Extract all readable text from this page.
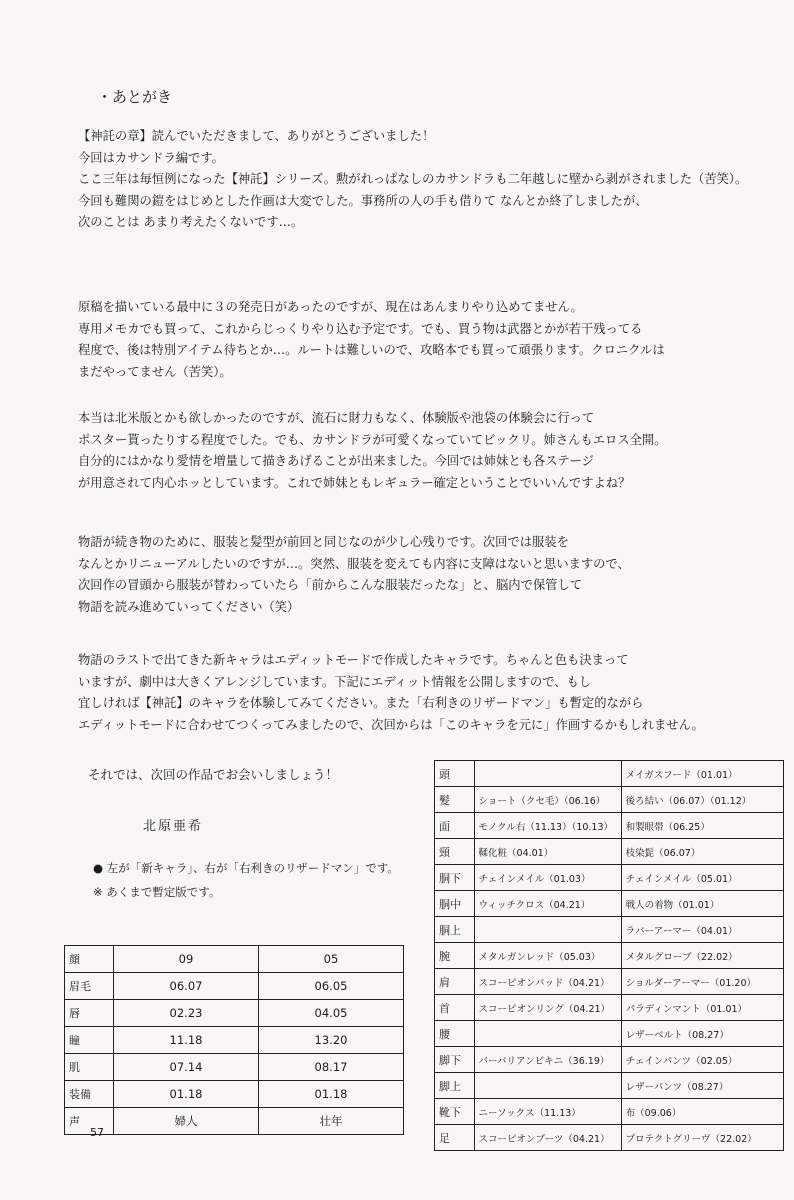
・あとがき
【神託の章】読んでいただきまして、ありがとうございました！
今回はカサンドラ編です。
ここ三年は毎恒例になった【神託】シリーズ。勲がれっぱなしのカサンドラも二年越しに壁から剥がされました（苦笑）。
今回も難関の鎧をはじめとした作画は大変でした。事務所の人の手も借りて なんとか終了しましたが、
次のことは あまり考えたくないです…。
原稿を描いている最中に３の発売日があったのですが、現在はあんまりやり込めてません。
専用メモカでも買って、これからじっくりやり込む予定です。でも、買う物は武器とかが若干残ってる
程度で、後は特別アイテム待ちとか…。ルートは難しいので、攻略本でも買って頑張ります。クロニクルは
まだやってません（苦笑）。
本当は北米版とかも欲しかったのですが、流石に財力もなく、体験版や池袋の体験会に行って
ポスター貰ったりする程度でした。でも、カサンドラが可愛くなっていてビックリ。姉さんもエロス全開。
自分的にはかなり愛情を増量して描きあげることが出来ました。今回では姉妹とも各ステージ
が用意されて内心ホッとしています。これで姉妹ともレギュラー確定ということでいいんですよね？
物語が続き物のために、服装と髪型が前回と同じなのが少し心残りです。次回では服装を
なんとかリニューアルしたいのですが…。突然、服装を変えても内容に支障はないと思いますので、
次回作の冒頭から服装が替わっていたら「前からこんな服装だったな」と、脳内で保管して
物語を読み進めていってください（笑）
物語のラストで出てきた新キャラはエディットモードで作成したキャラです。ちゃんと色も決まって
いますが、劇中は大きくアレンジしています。下記にエディット情報を公開しますので、もし
宜しければ【神託】のキャラを体験してみてください。また「右利きのリザードマン」も暫定的ながら
エディットモードに合わせてつくってみましたので、次回からは「このキャラを元に」作画するかもしれません。
それでは、次回の作品でお会いしましょう！
北原亜希
● 左が「新キャラ」、右が「右利きのリザードマン」です。
※ あくまで暫定版です。
顔	09	05
眉毛	06.07	06.05
唇	02.23	04.05
瞳	11.18	13.20
肌	07.14	08.17
装備	01.18	01.18
声	婦人	壮年
頭		メイガスフード（01.01）
髪	ショート（クセ毛）（06.16）	後ろ結い（06.07）（01.12）
面	モノクル右（11.13）（10.13）	和製眼帯（06.25）
頸	鞣化粧（04.01）	枝染髭（06.07）
胴下	チェインメイル（01.03）	チェインメイル（05.01）
胴中	ウィッチクロス（04.21）	戦人の着物（01.01）
胴上		ラバーアーマー（04.01）
腕	メタルガンレッド（05.03）	メタルグローブ（22.02）
肩	スコーピオンパッド（04.21）	ショルダーアーマー（01.20）
首	スコーピオンリング（04.21）	パラディンマント（01.01）
腰		レザーベルト（08.27）
脚下	バーバリアンビキニ（36.19）	チェインパンツ（02.05）
脚上		レザーパンツ（08.27）
靴下	ニーソックス（11.13）	布（09.06）
足	スコーピオンブーツ（04.21）	プロテクトグリーヴ（22.02）
57
